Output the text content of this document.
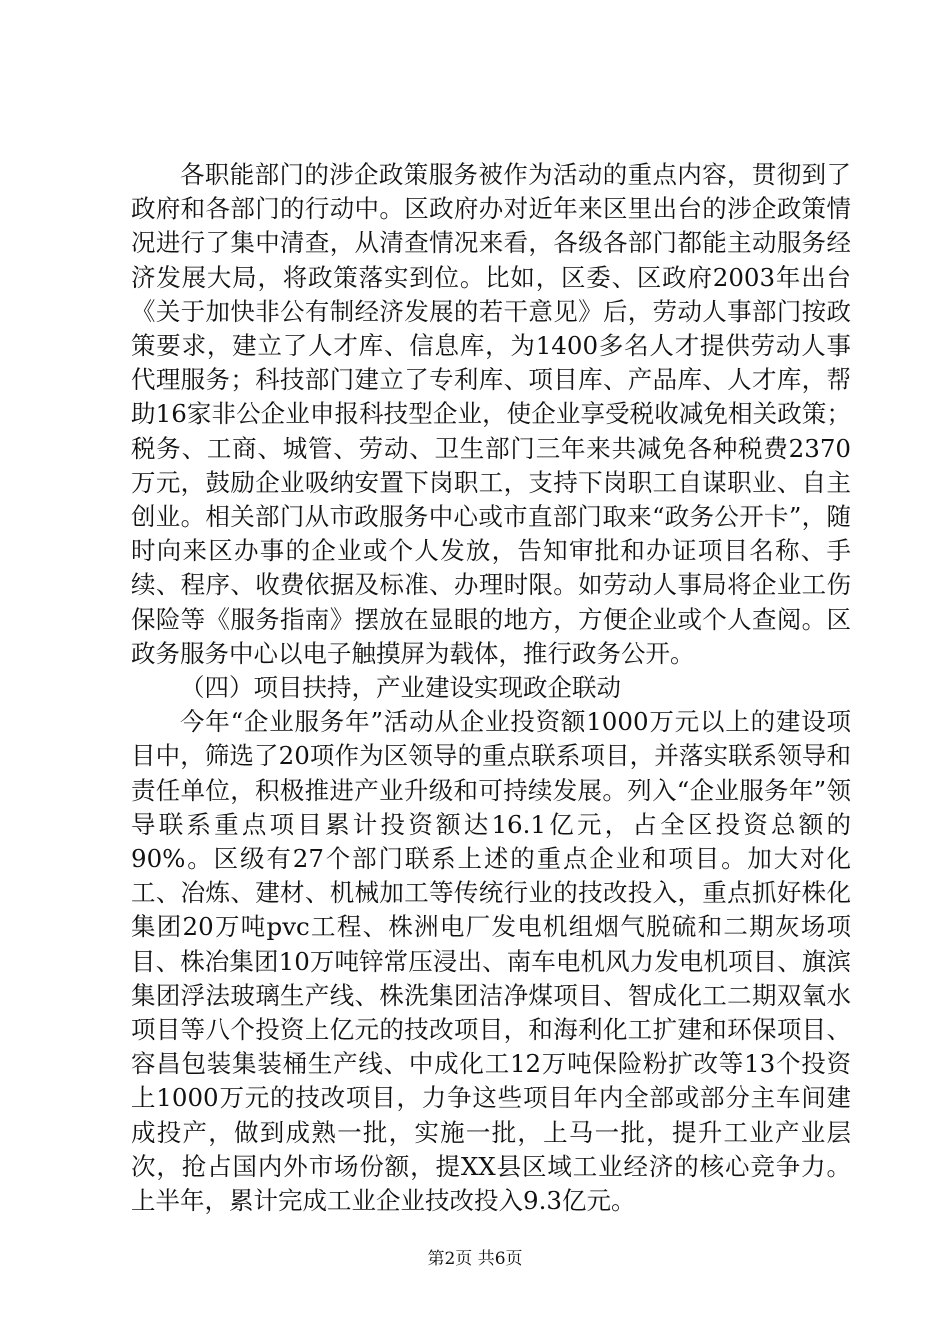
各职能部门的涉企政策服务被作为活动的重点内容，贯彻到了政府和各部门的行动中。区政府办对近年来区里出台的涉企政策情况进行了集中清查，从清查情况来看，各级各部门都能主动服务经济发展大局，将政策落实到位。比如，区委、区政府2003年出台《关于加快非公有制经济发展的若干意见》后，劳动人事部门按政策要求，建立了人才库、信息库，为1400多名人才提供劳动人事代理服务；科技部门建立了专利库、项目库、产品库、人才库，帮助16家非公企业申报科技型企业，使企业享受税收减免相关政策；税务、工商、城管、劳动、卫生部门三年来共减免各种税费2370万元，鼓励企业吸纳安置下岗职工，支持下岗职工自谋职业、自主创业。相关部门从市政服务中心或市直部门取来“政务公开卡”，随时向来区办事的企业或个人发放，告知审批和办证项目名称、手续、程序、收费依据及标准、办理时限。如劳动人事局将企业工伤保险等《服务指南》摆放在显眼的地方，方便企业或个人查阅。区政务服务中心以电子触摸屏为载体，推行政务公开。

（四）项目扶持，产业建设实现政企联动

今年“企业服务年”活动从企业投资额1000万元以上的建设项目中，筛选了20项作为区领导的重点联系项目，并落实联系领导和责任单位，积极推进产业升级和可持续发展。列入“企业服务年”领导联系重点项目累计投资额达16.1亿元，占全区投资总额的90%。区级有27个部门联系上述的重点企业和项目。加大对化工、冶炼、建材、机械加工等传统行业的技改投入，重点抓好株化集团20万吨pvc工程、株洲电厂发电机组烟气脱硫和二期灰场项目、株冶集团10万吨锌常压浸出、南车电机风力发电机项目、旗滨集团浮法玻璃生产线、株洗集团洁净煤项目、智成化工二期双氧水项目等八个投资上亿元的技改项目，和海利化工扩建和环保项目、容昌包装集装桶生产线、中成化工12万吨保险粉扩改等13个投资上1000万元的技改项目，力争这些项目年内全部或部分主车间建成投产，做到成熟一批，实施一批，上马一批，提升工业产业层次，抢占国内外市场份额，提XX县区域工业经济的核心竞争力。上半年，累计完成工业企业技改投入9.3亿元。

第2页 共6页
